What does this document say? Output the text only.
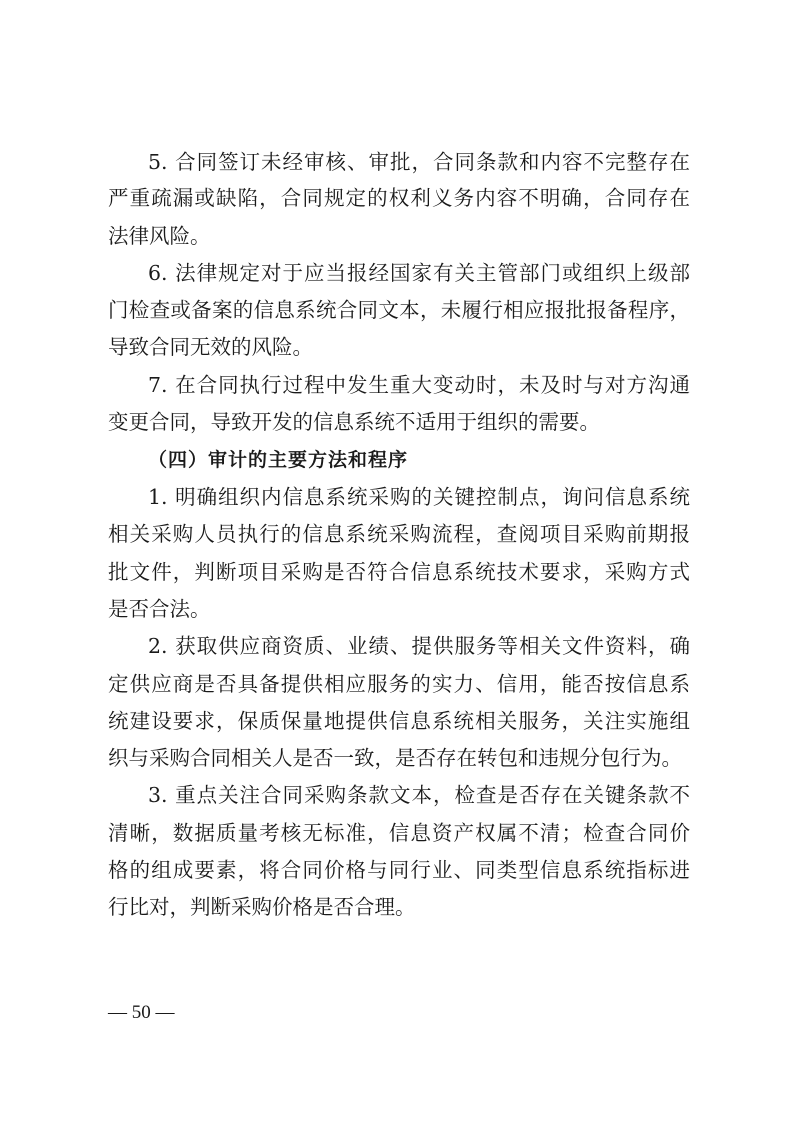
5. 合同签订未经审核、审批，合同条款和内容不完整存在
严重疏漏或缺陷，合同规定的权利义务内容不明确，合同存在
法律风险。
6. 法律规定对于应当报经国家有关主管部门或组织上级部
门检查或备案的信息系统合同文本，未履行相应报批报备程序，
导致合同无效的风险。
7. 在合同执行过程中发生重大变动时，未及时与对方沟通
变更合同，导致开发的信息系统不适用于组织的需要。
（四）审计的主要方法和程序
1. 明确组织内信息系统采购的关键控制点，询问信息系统
相关采购人员执行的信息系统采购流程，查阅项目采购前期报
批文件，判断项目采购是否符合信息系统技术要求，采购方式
是否合法。
2. 获取供应商资质、业绩、提供服务等相关文件资料，确
定供应商是否具备提供相应服务的实力、信用，能否按信息系
统建设要求，保质保量地提供信息系统相关服务，关注实施组
织与采购合同相关人是否一致，是否存在转包和违规分包行为。
3. 重点关注合同采购条款文本，检查是否存在关键条款不
清晰，数据质量考核无标准，信息资产权属不清；检查合同价
格的组成要素，将合同价格与同行业、同类型信息系统指标进
行比对，判断采购价格是否合理。
— 50 —
